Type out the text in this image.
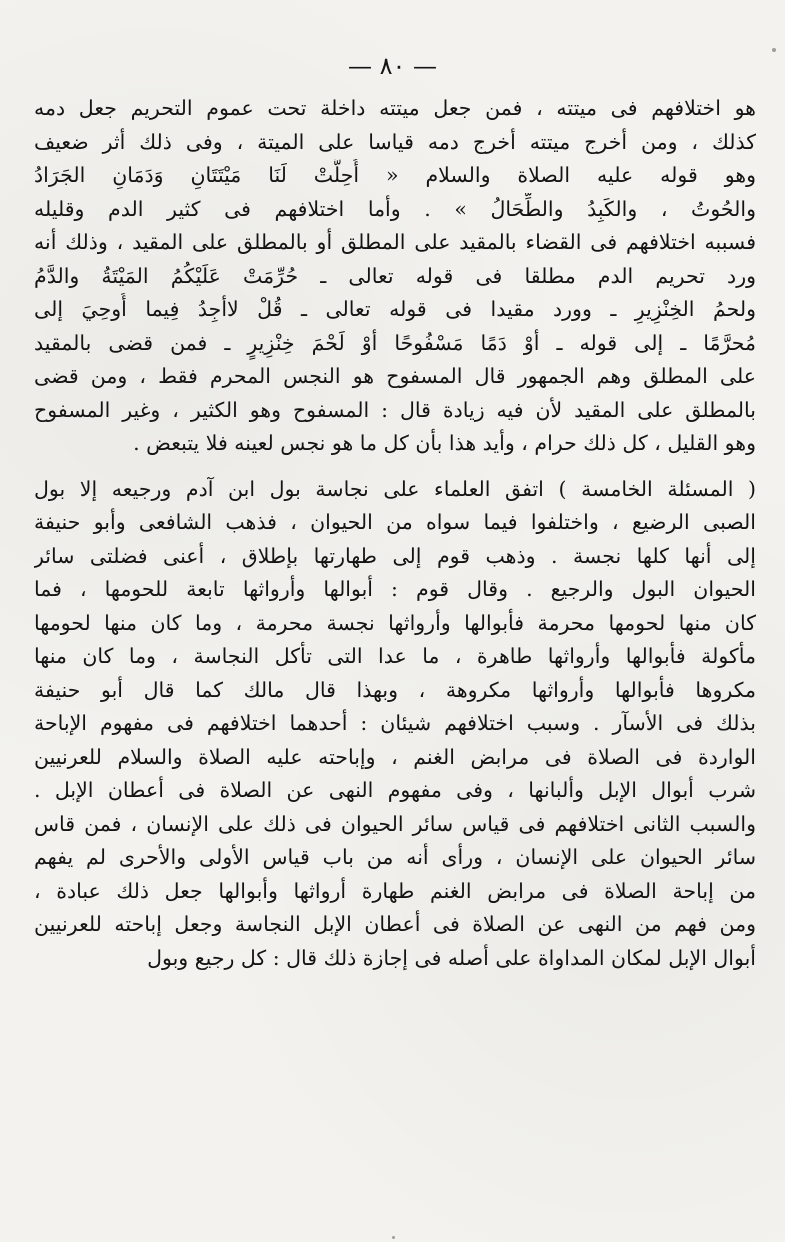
— ٨٠ —
هو اختلافهم فى ميتته ، فمن جعل ميتته داخلة تحت عموم التحريم جعل دمه
كذلك ، ومن أخرج ميتته أخرج دمه قياسا على الميتة ، وفى ذلك أثر ضعيف
وهو قوله عليه الصلاة والسلام « أُحِلَّتْ لَنَا مَيْتَتَانِ وَدَمَانِ الجَرَادُ
والحُوتُ ، والكَبِدُ والطِّحَالُ » . وأما اختلافهم فى كثير الدم وقليله
فسببه اختلافهم فى القضاء بالمقيد على المطلق أو بالمطلق على المقيد ، وذلك أنه
ورد تحريم الدم مطلقا فى قوله تعالى ـ حُرِّمَتْ عَلَيْكُمُ المَيْتَةُ والدَّمُ
ولحمُ الخِنْزِيرِ ـ وورد مقيدا فى قوله تعالى ـ قُلْ لاأجِدُ فِيما أُوحِيَ إلى
مُحرَّمًا ـ إلى قوله ـ أوْ دَمًا مَسْفُوحًا أوْ لَحْمَ خِنْزِيرٍ ـ فمن قضى بالمقيد
على المطلق وهم الجمهور قال المسفوح هو النجس المحرم فقط ، ومن قضى
بالمطلق على المقيد لأن فيه زيادة قال : المسفوح وهو الكثير ، وغير المسفوح
وهو القليل ، كل ذلك حرام ، وأيد هذا بأن كل ما هو نجس لعينه فلا يتبعض .
( المسئلة الخامسة ) اتفق العلماء على نجاسة بول ابن آدم ورجيعه إلا بول
الصبى الرضيع ، واختلفوا فيما سواه من الحيوان ، فذهب الشافعى وأبو حنيفة
إلى أنها كلها نجسة . وذهب قوم إلى طهارتها بإطلاق ، أعنى فضلتى سائر
الحيوان البول والرجيع . وقال قوم : أبوالها وأرواثها تابعة للحومها ، فما
كان منها لحومها محرمة فأبوالها وأرواثها نجسة محرمة ، وما كان منها لحومها
مأكولة فأبوالها وأرواثها طاهرة ، ما عدا التى تأكل النجاسة ، وما كان منها
مكروها فأبوالها وأرواثها مكروهة ، وبهذا قال مالك كما قال أبو حنيفة
بذلك فى الأسآر . وسبب اختلافهم شيئان : أحدهما اختلافهم فى مفهوم الإباحة
الواردة فى الصلاة فى مرابض الغنم ، وإباحته عليه الصلاة والسلام للعرنيين
شرب أبوال الإبل وألبانها ، وفى مفهوم النهى عن الصلاة فى أعطان الإبل .
والسبب الثانى اختلافهم فى قياس سائر الحيوان فى ذلك على الإنسان ، فمن قاس
سائر الحيوان على الإنسان ، ورأى أنه من باب قياس الأولى والأحرى لم يفهم
من إباحة الصلاة فى مرابض الغنم طهارة أرواثها وأبوالها جعل ذلك عبادة ،
ومن فهم من النهى عن الصلاة فى أعطان الإبل النجاسة وجعل إباحته للعرنيين
أبوال الإبل لمكان المداواة على أصله فى إجازة ذلك قال : كل رجيع وبول
